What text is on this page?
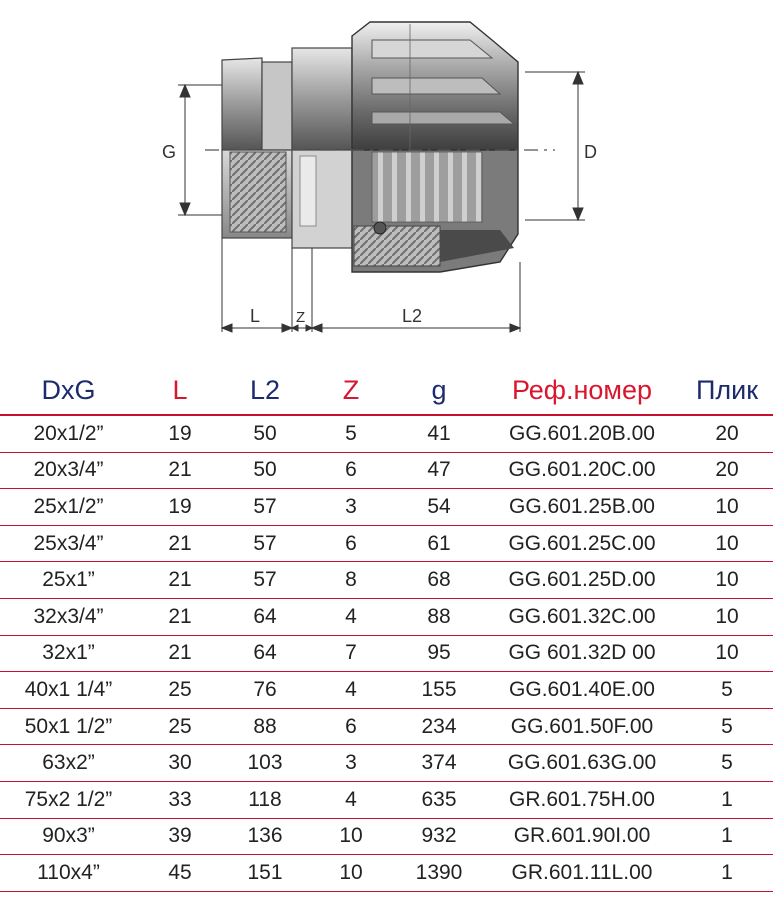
G	D
L Z	L2
DxG	L	L2	Z	g	Реф.номер	Плик
20x1/2”	19	50	5	41	GG.601.20B.00	20
20x3/4”	21	50	6	47	GG.601.20C.00	20
25x1/2”	19	57	3	54	GG.601.25B.00	10
25x3/4”	21	57	6	61	GG.601.25C.00	10
25x1”	21	57	8	68	GG.601.25D.00	10
32x3/4”	21	64	4	88	GG.601.32C.00	10
32x1”	21	64	7	95	GG 601.32D 00	10
40x1 1/4”	25	76	4	155	GG.601.40E.00	5
50x1 1/2”	25	88	6	234	GG.601.50F.00	5
63x2”	30	103	3	374	GG.601.63G.00	5
75x2 1/2”	33	118	4	635	GR.601.75H.00	1
90x3”	39	136	10	932	GR.601.90I.00	1
110x4”	45	151	10	1390	GR.601.11L.00	1
